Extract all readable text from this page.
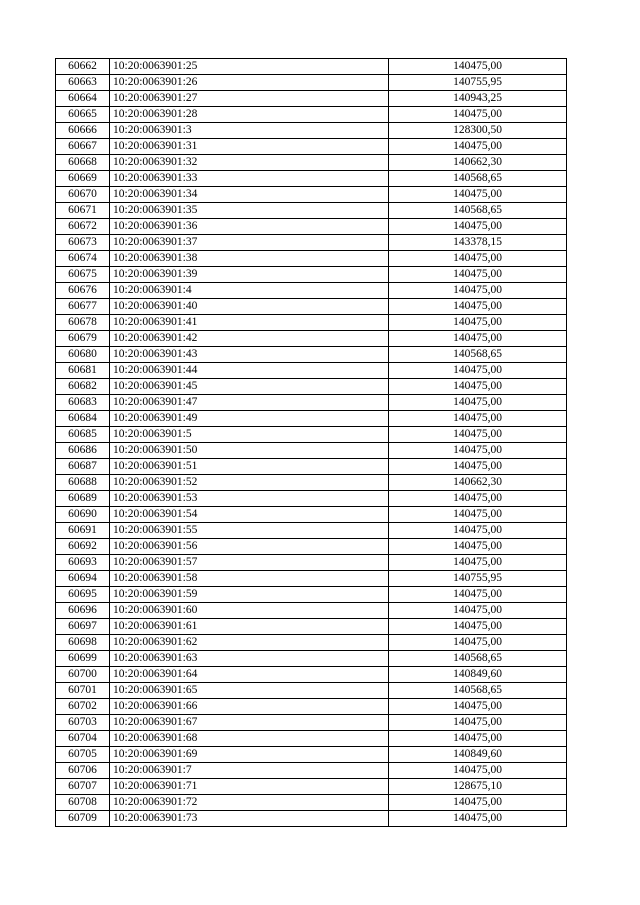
60662	10:20:0063901:25	140475,00
60663	10:20:0063901:26	140755,95
60664	10:20:0063901:27	140943,25
60665	10:20:0063901:28	140475,00
60666	10:20:0063901:3	128300,50
60667	10:20:0063901:31	140475,00
60668	10:20:0063901:32	140662,30
60669	10:20:0063901:33	140568,65
60670	10:20:0063901:34	140475,00
60671	10:20:0063901:35	140568,65
60672	10:20:0063901:36	140475,00
60673	10:20:0063901:37	143378,15
60674	10:20:0063901:38	140475,00
60675	10:20:0063901:39	140475,00
60676	10:20:0063901:4	140475,00
60677	10:20:0063901:40	140475,00
60678	10:20:0063901:41	140475,00
60679	10:20:0063901:42	140475,00
60680	10:20:0063901:43	140568,65
60681	10:20:0063901:44	140475,00
60682	10:20:0063901:45	140475,00
60683	10:20:0063901:47	140475,00
60684	10:20:0063901:49	140475,00
60685	10:20:0063901:5	140475,00
60686	10:20:0063901:50	140475,00
60687	10:20:0063901:51	140475,00
60688	10:20:0063901:52	140662,30
60689	10:20:0063901:53	140475,00
60690	10:20:0063901:54	140475,00
60691	10:20:0063901:55	140475,00
60692	10:20:0063901:56	140475,00
60693	10:20:0063901:57	140475,00
60694	10:20:0063901:58	140755,95
60695	10:20:0063901:59	140475,00
60696	10:20:0063901:60	140475,00
60697	10:20:0063901:61	140475,00
60698	10:20:0063901:62	140475,00
60699	10:20:0063901:63	140568,65
60700	10:20:0063901:64	140849,60
60701	10:20:0063901:65	140568,65
60702	10:20:0063901:66	140475,00
60703	10:20:0063901:67	140475,00
60704	10:20:0063901:68	140475,00
60705	10:20:0063901:69	140849,60
60706	10:20:0063901:7	140475,00
60707	10:20:0063901:71	128675,10
60708	10:20:0063901:72	140475,00
60709	10:20:0063901:73	140475,00
